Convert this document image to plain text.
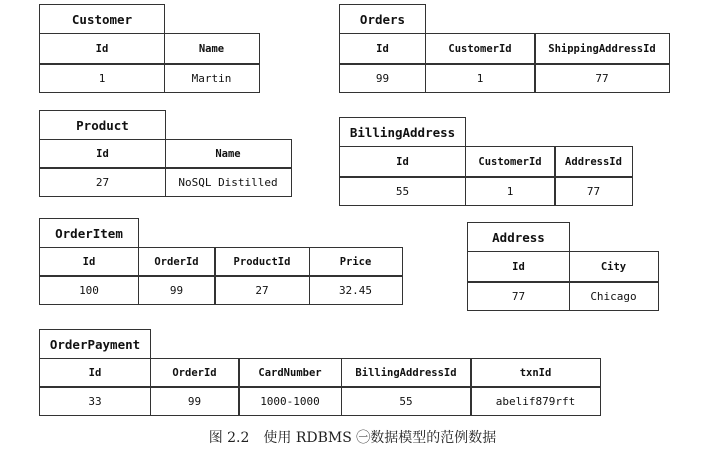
Customer
Id	Name
1	Martin
Orders
Id	CustomerId	ShippingAddressId
99	1	77
Product
Id	Name
27	NoSQL Distilled
BillingAddress
Id	CustomerId	AddressId
55	1	77
OrderItem
Id	OrderId	ProductId	Price
100	99	27	32.45
Address
Id	City
77	Chicago
OrderPayment
Id	OrderId	CardNumber	BillingAddressId	txnId
33	99	1000-1000	55	abelif879rft
图 2.2　使用 RDBMS ㊀数据模型的范例数据
